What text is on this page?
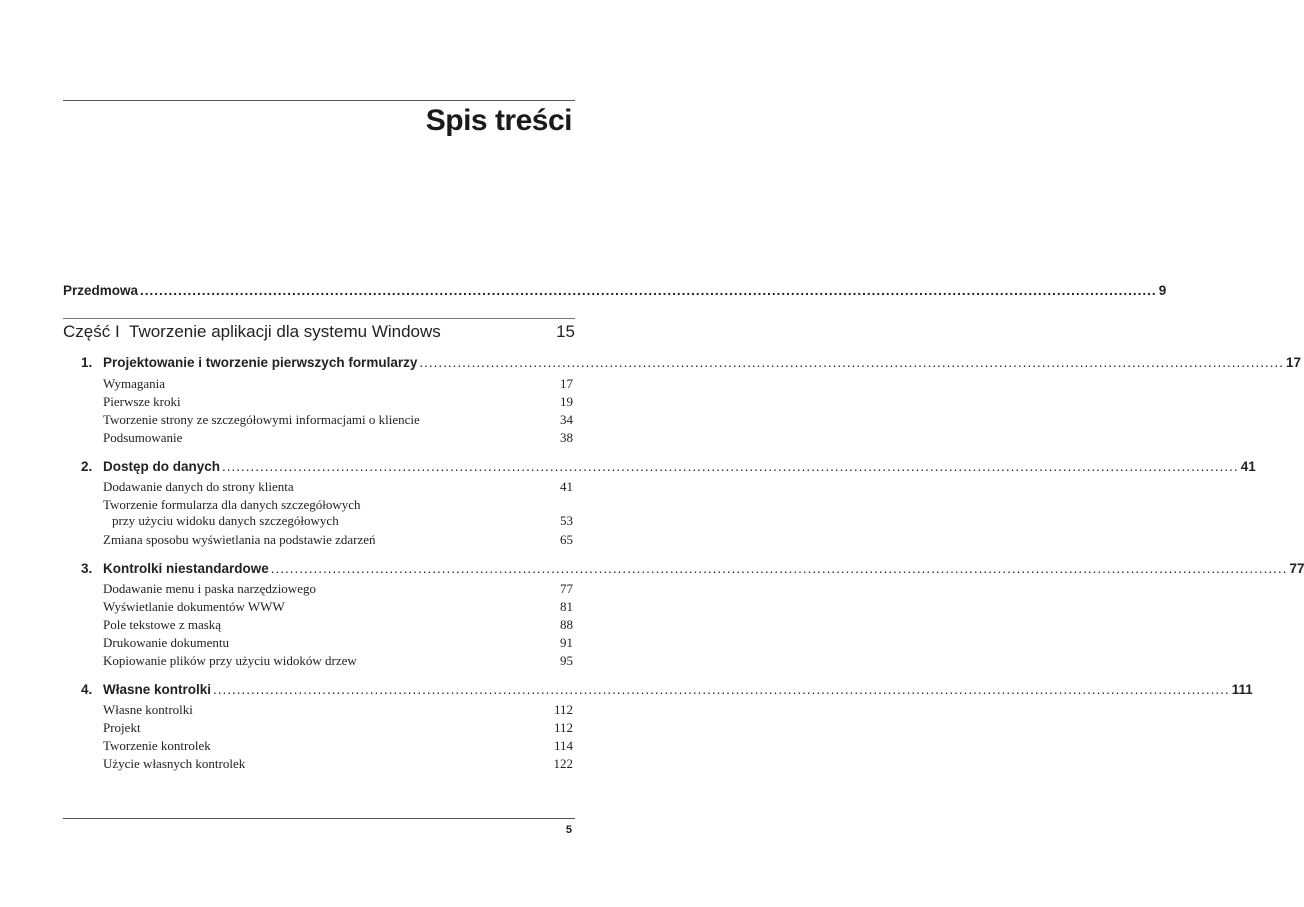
Spis treści
Przedmowa ...................................................................................................................................................................................................................... 9
Część I Tworzenie aplikacji dla systemu Windows	15
1. Projektowanie i tworzenie pierwszych formularzy ...................................................................................................................................................................................... 17
Wymagania	17
Pierwsze kroki	19
Tworzenie strony ze szczegółowymi informacjami o kliencie	34
Podsumowanie	38
2. Dostęp do danych ...................................................................................................................................................................................................................... 41
Dodawanie danych do strony klienta	41
Tworzenie formularza dla danych szczegółowych
przy użyciu widoku danych szczegółowych	53
Zmiana sposobu wyświetlania na podstawie zdarzeń	65
3. Kontrolki niestandardowe ...................................................................................................................................................................................................................... 77
Dodawanie menu i paska narzędziowego	77
Wyświetlanie dokumentów WWW	81
Pole tekstowe z maską	88
Drukowanie dokumentu	91
Kopiowanie plików przy użyciu widoków drzew	95
4. Własne kontrolki ...................................................................................................................................................................................................................... 111
Własne kontrolki	112
Projekt	112
Tworzenie kontrolek	114
Użycie własnych kontrolek	122
5
